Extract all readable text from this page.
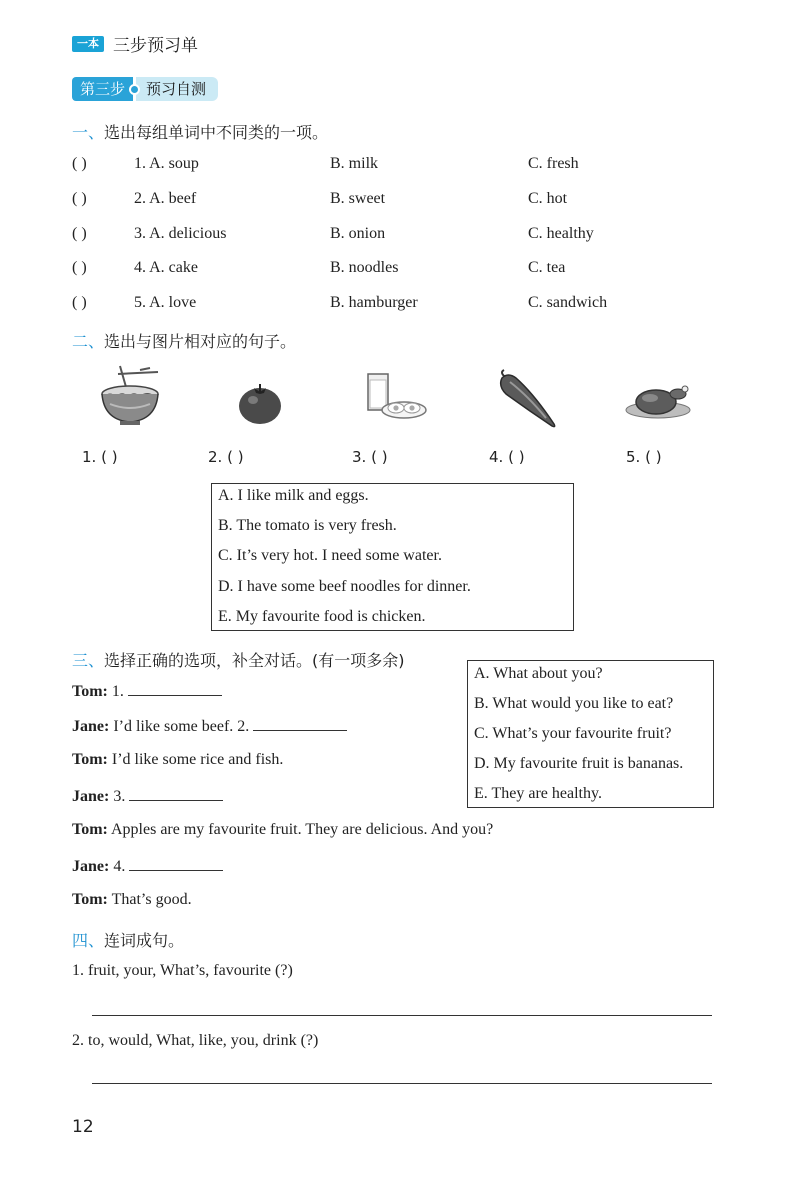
一本 三步预习单
第三步 预习自测
一、选出每组单词中不同类的一项。
( )	1. A. soup	B. milk	C. fresh
( )	2. A. beef	B. sweet	C. hot
( )	3. A. delicious	B. onion	C. healthy
( )	4. A. cake	B. noodles	C. tea
( )	5. A. love	B. hamburger	C. sandwich
二、选出与图片相对应的句子。
1. ( )	2. ( )	3. ( )	4. ( )	5. ( )
A. I like milk and eggs.
B. The tomato is very fresh.
C. It’s very hot. I need some water.
D. I have some beef noodles for dinner.
E. My favourite food is chicken.
三、选择正确的选项，补全对话。(有一项多余)
A. What about you?
B. What would you like to eat?
C. What’s your favourite fruit?
D. My favourite fruit is bananas.
E. They are healthy.
Tom: 1.
Jane: I’d like some beef. 2.
Tom: I’d like some rice and fish.
Jane: 3.
Tom: Apples are my favourite fruit. They are delicious. And you?
Jane: 4.
Tom: That’s good.
四、连词成句。
1. fruit, your, What’s, favourite (?)
2. to, would, What, like, you, drink (?)
12
